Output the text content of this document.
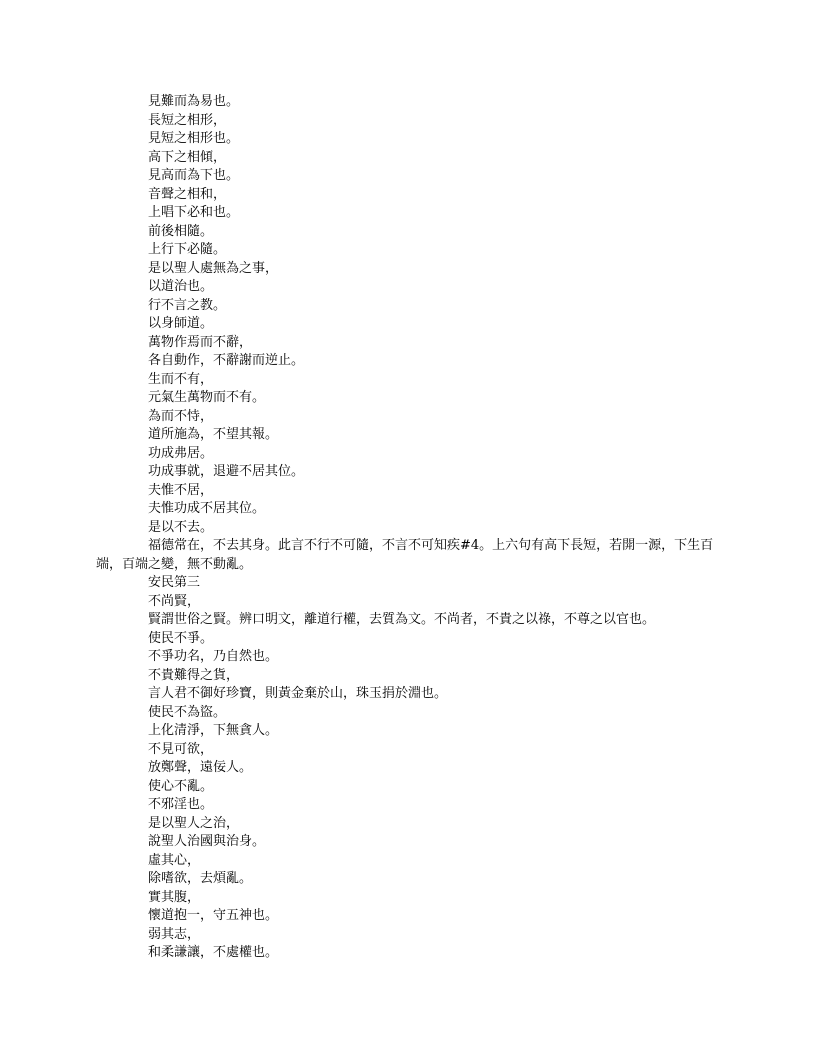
見難而為易也。
長短之相形，
見短之相形也。
高下之相傾，
見高而為下也。
音聲之相和，
上唱下必和也。
前後相隨。
上行下必隨。
是以聖人處無為之事，
以道治也。
行不言之教。
以身師道。
萬物作焉而不辭，
各自動作，不辭謝而逆止。
生而不有，
元氣生萬物而不有。
為而不恃，
道所施為，不望其報。
功成弗居。
功成事就，退避不居其位。
夫惟不居，
夫惟功成不居其位。
是以不去。
福德常在，不去其身。此言不行不可隨，不言不可知疾#4。上六句有高下長短，若開一源，下生百端，百端之變，無不動亂。
安民第三
不尚賢，
賢謂世俗之賢。辨口明文，離道行權，去質為文。不尚者，不貴之以祿，不尊之以官也。
使民不爭。
不爭功名，乃自然也。
不貴難得之貨，
言人君不御好珍寶，則黃金棄於山，珠玉捐於淵也。
使民不為盜。
上化清淨，下無貪人。
不見可欲，
放鄭聲，遠佞人。
使心不亂。
不邪淫也。
是以聖人之治，
說聖人治國與治身。
虛其心，
除嗜欲，去煩亂。
實其腹，
懷道抱一，守五神也。
弱其志，
和柔謙讓，不處權也。
